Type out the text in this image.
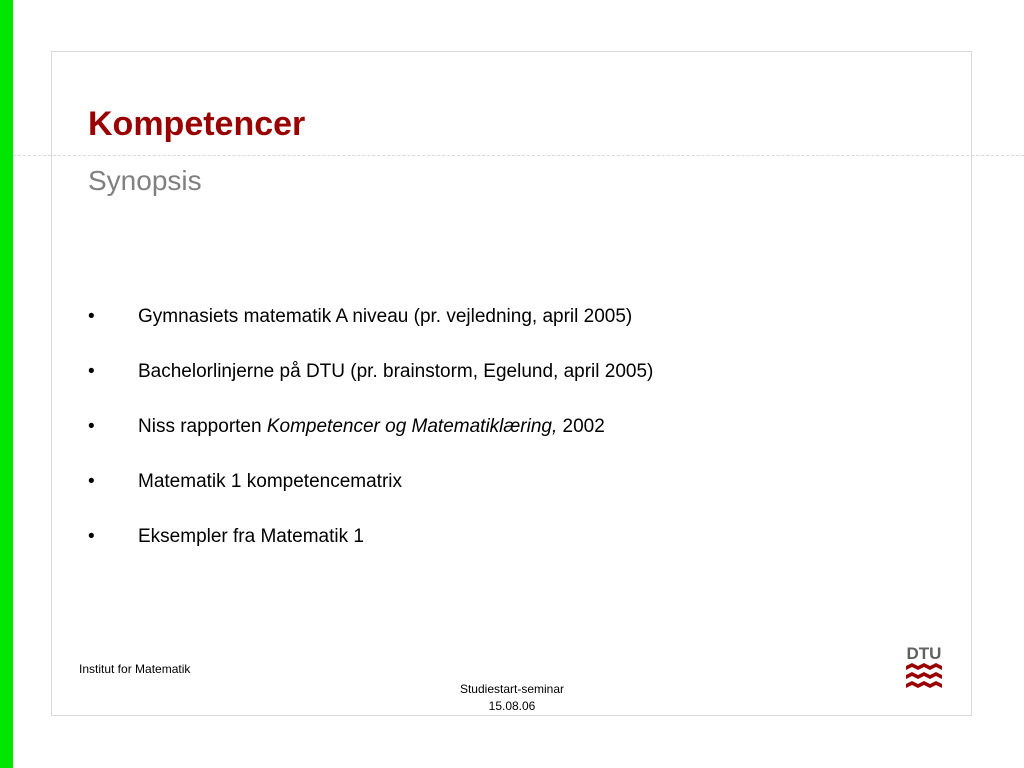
Kompetencer
Synopsis
•	Gymnasiets matematik A niveau (pr. vejledning, april 2005)
•	Bachelorlinjerne på DTU (pr. brainstorm, Egelund, april 2005)
•	Niss rapporten Kompetencer og Matematiklæring, 2002
•	Matematik 1 kompetencematrix
•	Eksempler fra Matematik 1
Institut for Matematik
Studiestart-seminar
15.08.06
DTU
